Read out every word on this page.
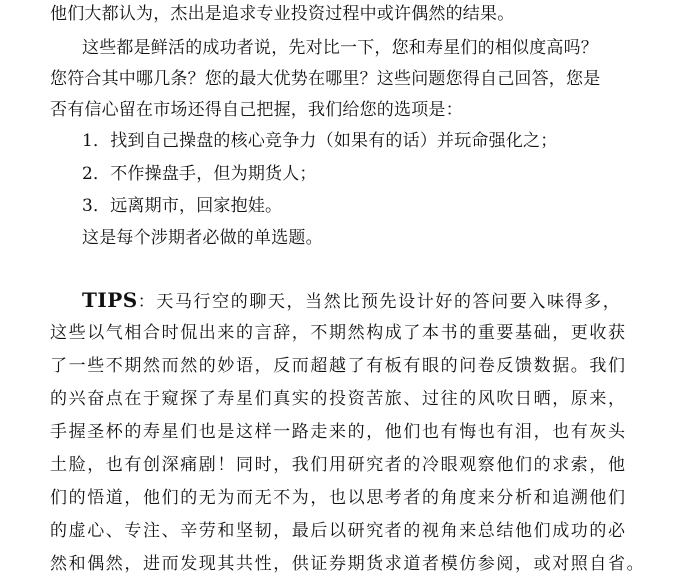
他们大都认为，杰出是追求专业投资过程中或许偶然的结果。
这些都是鲜活的成功者说，先对比一下，您和寿星们的相似度高吗？
您符合其中哪几条？您的最大优势在哪里？这些问题您得自己回答，您是
否有信心留在市场还得自己把握，我们给您的选项是：
1．找到自己操盘的核心竞争力（如果有的话）并玩命强化之；
2．不作操盘手，但为期货人；
3．远离期市，回家抱娃。
这是每个涉期者必做的单选题。
TIPS：天马行空的聊天，当然比预先设计好的答问要入味得多，
这些以气相合时侃出来的言辞，不期然构成了本书的重要基础，更收获
了一些不期然而然的妙语，反而超越了有板有眼的问卷反馈数据。我们
的兴奋点在于窥探了寿星们真实的投资苦旅、过往的风吹日晒，原来，
手握圣杯的寿星们也是这样一路走来的，他们也有悔也有泪，也有灰头
土脸，也有创深痛剧！同时，我们用研究者的冷眼观察他们的求索，他
们的悟道，他们的无为而无不为，也以思考者的角度来分析和追溯他们
的虚心、专注、辛劳和坚韧，最后以研究者的视角来总结他们成功的必
然和偶然，进而发现其共性，供证券期货求道者模仿参阅，或对照自省。
